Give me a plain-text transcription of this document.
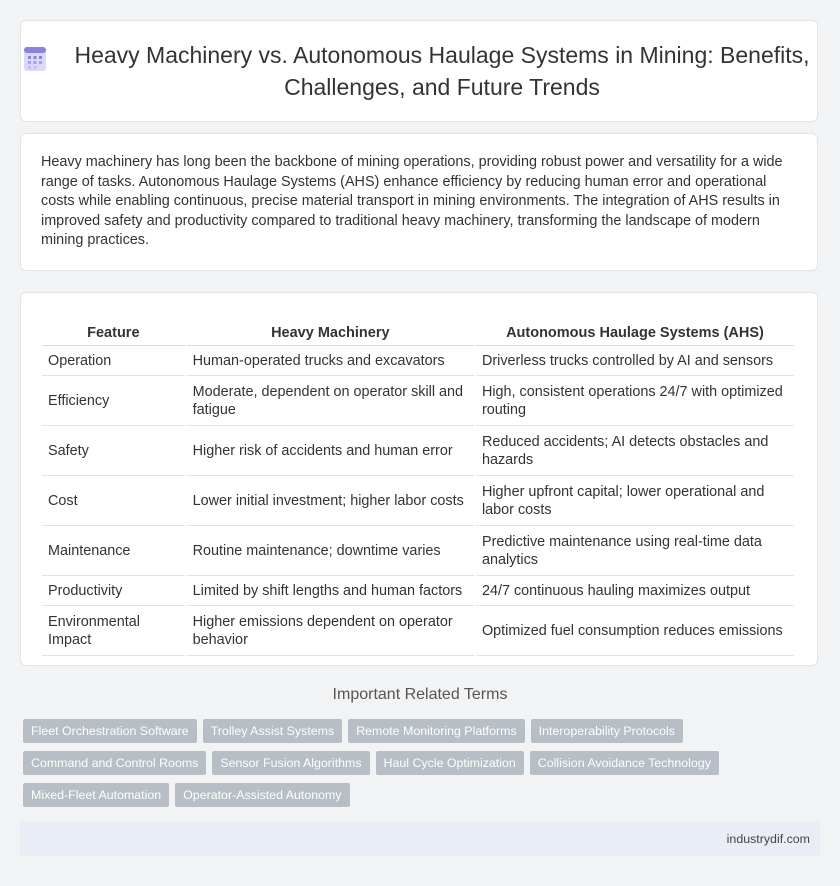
Heavy Machinery vs. Autonomous Haulage Systems in Mining: Benefits, Challenges, and Future Trends

Heavy machinery has long been the backbone of mining operations, providing robust power and versatility for a wide range of tasks. Autonomous Haulage Systems (AHS) enhance efficiency by reducing human error and operational costs while enabling continuous, precise material transport in mining environments. The integration of AHS results in improved safety and productivity compared to traditional heavy machinery, transforming the landscape of modern mining practices.

Feature	Heavy Machinery	Autonomous Haulage Systems (AHS)
Operation	Human-operated trucks and excavators	Driverless trucks controlled by AI and sensors
Efficiency	Moderate, dependent on operator skill and fatigue	High, consistent operations 24/7 with optimized routing
Safety	Higher risk of accidents and human error	Reduced accidents; AI detects obstacles and hazards
Cost	Lower initial investment; higher labor costs	Higher upfront capital; lower operational and labor costs
Maintenance	Routine maintenance; downtime varies	Predictive maintenance using real-time data analytics
Productivity	Limited by shift lengths and human factors	24/7 continuous hauling maximizes output
Environmental Impact	Higher emissions dependent on operator behavior	Optimized fuel consumption reduces emissions
Important Related Terms
Fleet Orchestration Software Trolley Assist Systems Remote Monitoring Platforms Interoperability Protocols
Command and Control Rooms Sensor Fusion Algorithms Haul Cycle Optimization Collision Avoidance Technology
Mixed-Fleet Automation Operator-Assisted Autonomy
industrydif.com
